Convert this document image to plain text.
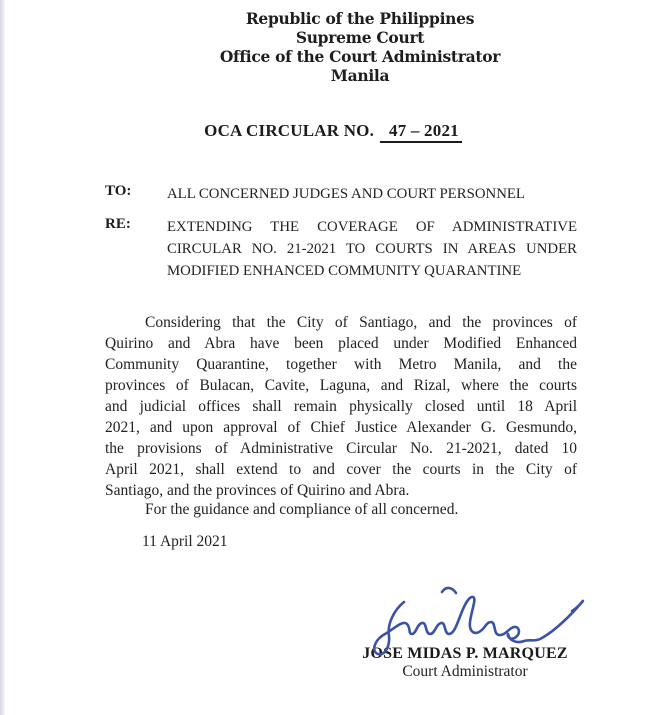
Republic of the Philippines
Supreme Court
Office of the Court Administrator
Manila
OCA CIRCULAR NO. 47 – 2021
TO:	ALL CONCERNED JUDGES AND COURT PERSONNEL
RE:	EXTENDING THE COVERAGE OF ADMINISTRATIVE
CIRCULAR NO. 21-2021 TO COURTS IN AREAS UNDER
MODIFIED ENHANCED COMMUNITY QUARANTINE
Considering that the City of Santiago, and the provinces of
Quirino and Abra have been placed under Modified Enhanced
Community Quarantine, together with Metro Manila, and the
provinces of Bulacan, Cavite, Laguna, and Rizal, where the courts
and judicial offices shall remain physically closed until 18 April
2021, and upon approval of Chief Justice Alexander G. Gesmundo,
the provisions of Administrative Circular No. 21-2021, dated 10
April 2021, shall extend to and cover the courts in the City of
Santiago, and the provinces of Quirino and Abra.
For the guidance and compliance of all concerned.
11 April 2021
JOSE MIDAS P. MARQUEZ
Court Administrator
